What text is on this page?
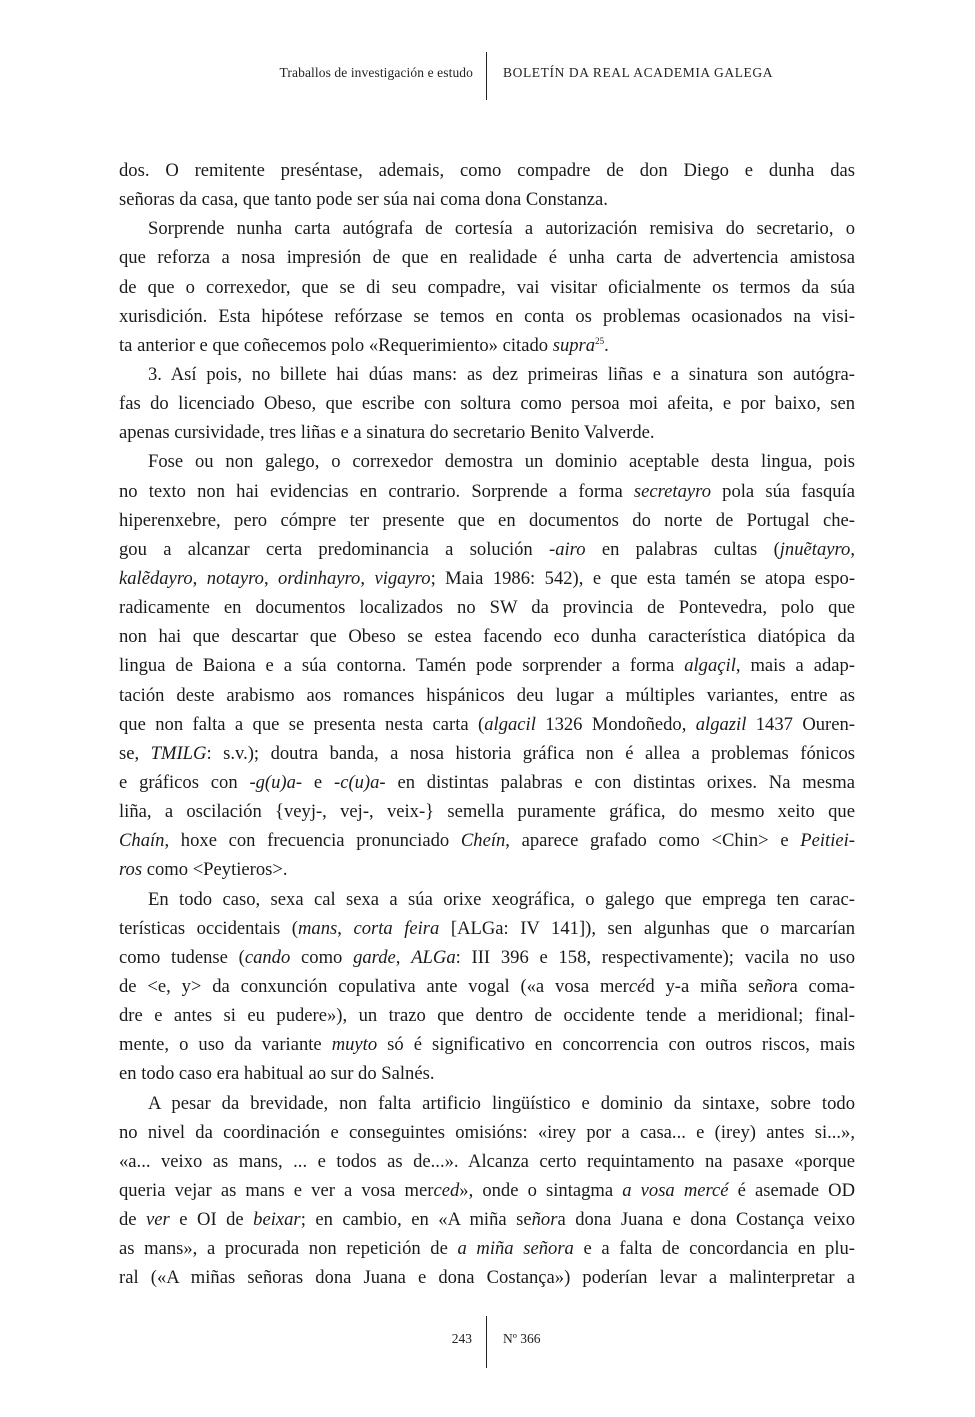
Traballos de investigación e estudo BOLETÍN DA REAL ACADEMIA GALEGA
dos. O remitente preséntase, ademais, como compadre de don Diego e dunha das
señoras da casa, que tanto pode ser súa nai coma dona Constanza.
Sorprende nunha carta autógrafa de cortesía a autorización remisiva do secretario, o
que reforza a nosa impresión de que en realidade é unha carta de advertencia amistosa
de que o correxedor, que se di seu compadre, vai visitar oficialmente os termos da súa
xurisdición. Esta hipótese refórzase se temos en conta os problemas ocasionados na visi-
ta anterior e que coñecemos polo «Requerimiento» citado supra$^{25}$.
3. Así pois, no billete hai dúas mans: as dez primeiras liñas e a sinatura son autógra-
fas do licenciado Obeso, que escribe con soltura como persoa moi afeita, e por baixo, sen
apenas cursividade, tres liñas e a sinatura do secretario Benito Valverde.
Fose ou non galego, o correxedor demostra un dominio aceptable desta lingua, pois
no texto non hai evidencias en contrario. Sorprende a forma secretayro pola súa fasquía
hiperenxebre, pero cómpre ter presente que en documentos do norte de Portugal che-
gou a alcanzar certa predominancia a solución -airo en palabras cultas (jnuẽtayro,
kalẽdayro, notayro, ordinhayro, vigayro; Maia 1986: 542), e que esta tamén se atopa espo-
radicamente en documentos localizados no SW da provincia de Pontevedra, polo que
non hai que descartar que Obeso se estea facendo eco dunha característica diatópica da
lingua de Baiona e a súa contorna. Tamén pode sorprender a forma algaçil, mais a adap-
tación deste arabismo aos romances hispánicos deu lugar a múltiples variantes, entre as
que non falta a que se presenta nesta carta (algacil 1326 Mondoñedo, algazil 1437 Ouren-
se, TMILG: s.v.); doutra banda, a nosa historia gráfica non é allea a problemas fónicos
e gráficos con -g(u)a- e -c(u)a- en distintas palabras e con distintas orixes. Na mesma
liña, a oscilación {veyj-, vej-, veix-} semella puramente gráfica, do mesmo xeito que
Chaín, hoxe con frecuencia pronunciado Cheín, aparece grafado como <Chin> e Peitiei-
ros como <Peytieros>.
En todo caso, sexa cal sexa a súa orixe xeográfica, o galego que emprega ten carac-
terísticas occidentais (mans, corta feira [ALGa: IV 141]), sen algunhas que o marcarían
como tudense (cando como garde, ALGa: III 396 e 158, respectivamente); vacila no uso
de <e, y> da conxunción copulativa ante vogal («a vosa mercéd y-a miña señora coma-
dre e antes si eu pudere»), un trazo que dentro de occidente tende a meridional; final-
mente, o uso da variante muyto só é significativo en concorrencia con outros riscos, mais
en todo caso era habitual ao sur do Salnés.
A pesar da brevidade, non falta artificio lingüístico e dominio da sintaxe, sobre todo
no nivel da coordinación e conseguintes omisións: «irey por a casa... e (irey) antes si...»,
«a... veixo as mans, ... e todos as de...». Alcanza certo requintamento na pasaxe «porque
queria vejar as mans e ver a vosa merced», onde o sintagma a vosa mercé é asemade OD
de ver e OI de beixar; en cambio, en «A miña señora dona Juana e dona Costança veixo
as mans», a procurada non repetición de a miña señora e a falta de concordancia en plu-
ral («A miñas señoras dona Juana e dona Costança») poderían levar a malinterpretar a
243 Nº 366
